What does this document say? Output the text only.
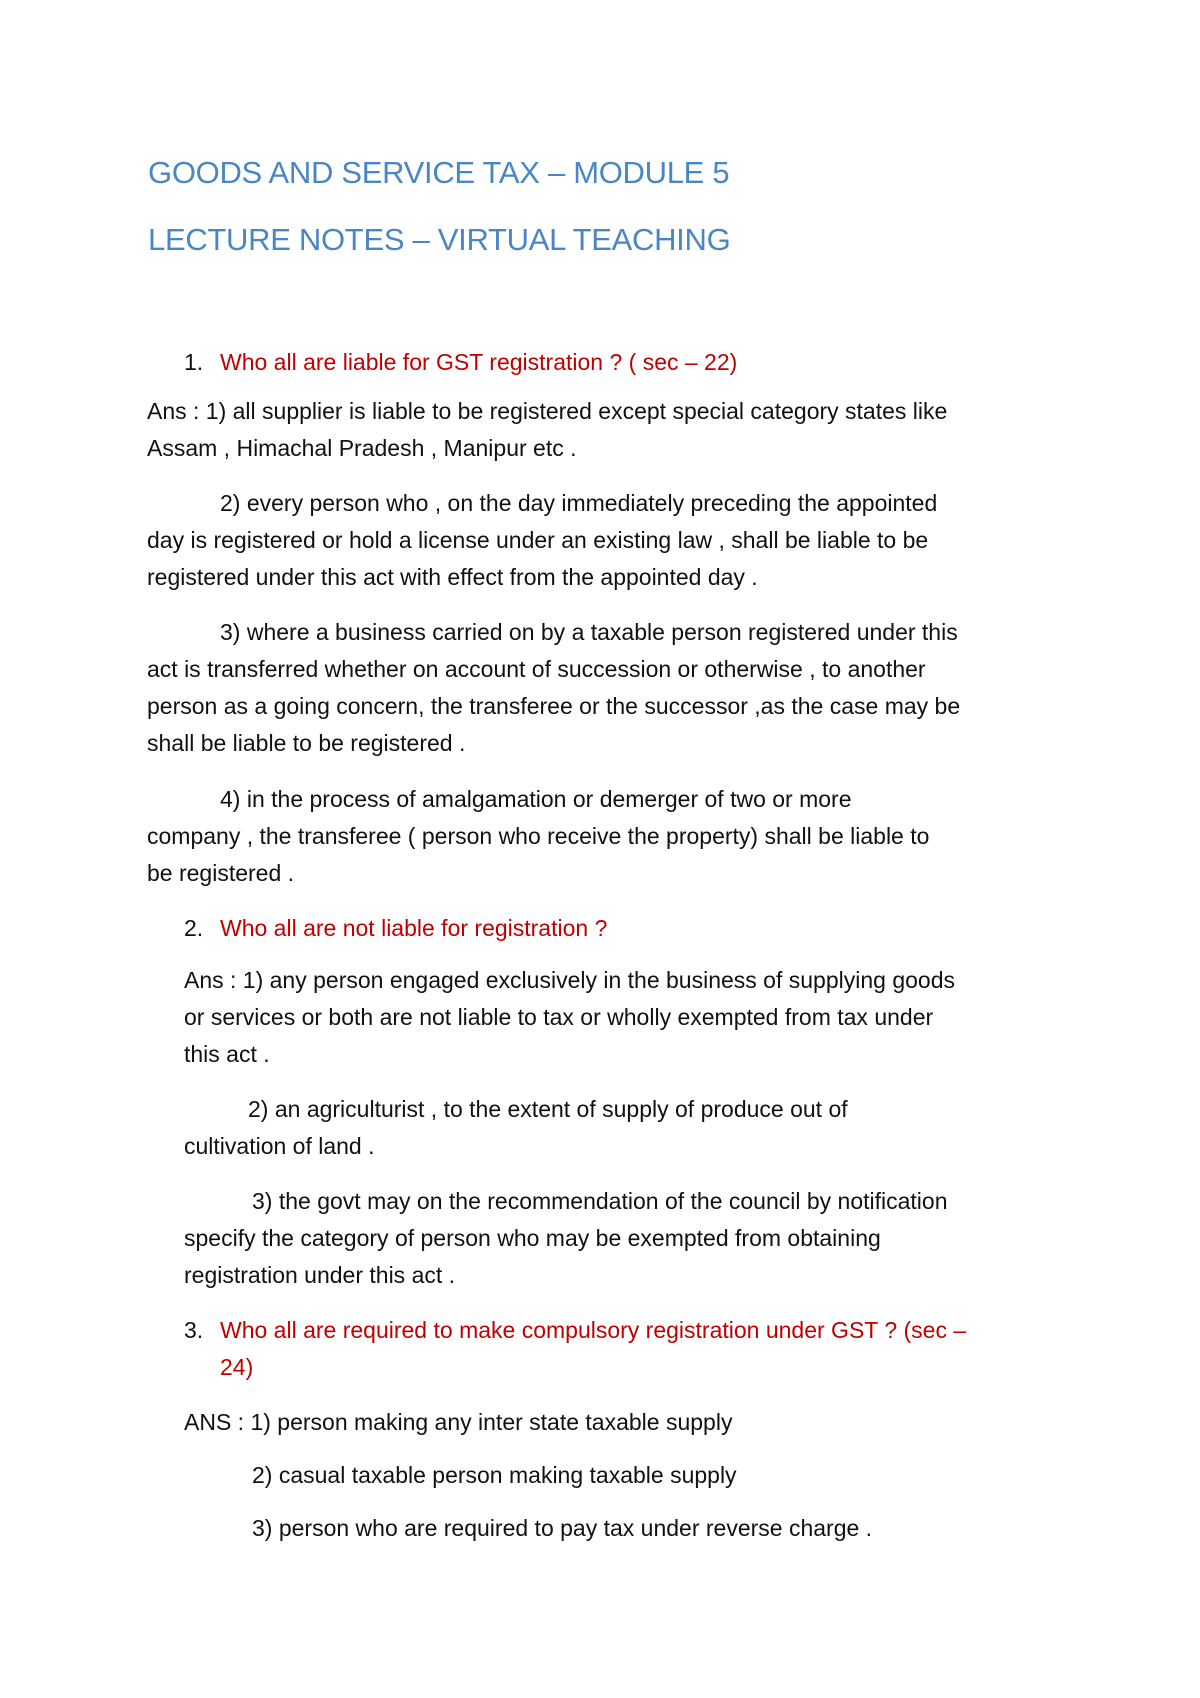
GOODS AND SERVICE TAX – MODULE 5
LECTURE NOTES – VIRTUAL TEACHING
1. Who all are liable for GST registration ? ( sec – 22)
Ans : 1) all supplier is liable to be registered except special category states like
Assam , Himachal Pradesh , Manipur etc .
2) every person who , on the day immediately preceding the appointed
day is registered or hold a license under an existing law , shall be liable to be
registered under this act with effect from the appointed day .
3) where a business carried on by a taxable person registered under this
act is transferred whether on account of succession or otherwise , to another
person as a going concern, the transferee or the successor ,as the case may be
shall be liable to be registered .
4) in the process of amalgamation or demerger of two or more
company , the transferee ( person who receive the property) shall be liable to
be registered .
2. Who all are not liable for registration ?
Ans : 1) any person engaged exclusively in the business of supplying goods
or services or both are not liable to tax or wholly exempted from tax under
this act .
2) an agriculturist , to the extent of supply of produce out of
cultivation of land .
3) the govt may on the recommendation of the council by notification
specify the category of person who may be exempted from obtaining
registration under this act .
3. Who all are required to make compulsory registration under GST ? (sec –
24)
ANS : 1) person making any inter state taxable supply
2) casual taxable person making taxable supply
3) person who are required to pay tax under reverse charge .
